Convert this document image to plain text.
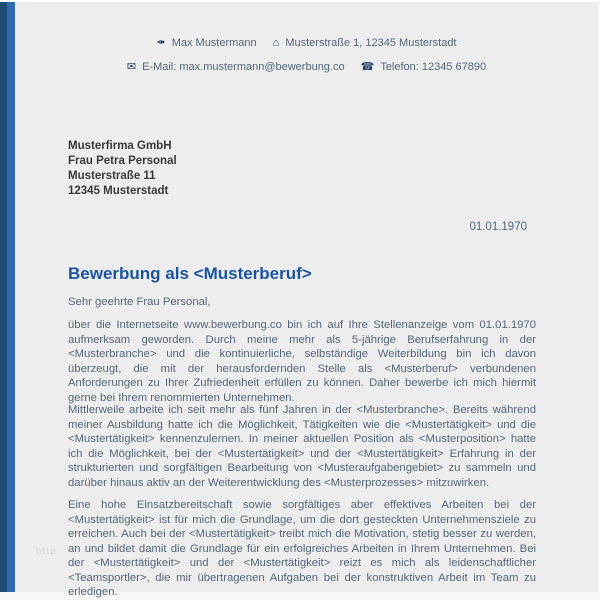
✒ Max Mustermann ⌂ Musterstraße 1, 12345 Musterstadt
✉ E-Mail: max.mustermann@bewerbung.co ☎ Telefon: 12345 67890
Musterfirma GmbH
Frau Petra Personal
Musterstraße 11
12345 Musterstadt
01.01.1970
Bewerbung als <Musterberuf>
Sehr geehrte Frau Personal,
über die Internetseite www.bewerbung.co bin ich auf Ihre Stellenanzeige vom 01.01.1970 aufmerksam geworden. Durch meine mehr als 5-jährige Berufserfahrung in der <Musterbranche> und die kontinuierliche, selbständige Weiterbildung bin ich davon überzeugt, die mit der herausfordernden Stelle als <Musterberuf> verbundenen Anforderungen zu Ihrer Zufriedenheit erfüllen zu können. Daher bewerbe ich mich hiermit gerne bei Ihrem renommierten Unternehmen.
Mittlerweile arbeite ich seit mehr als fünf Jahren in der <Musterbranche>. Bereits während meiner Ausbildung hatte ich die Möglichkeit, Tätigkeiten wie die <Mustertätigkeit> und die <Mustertätigkeit> kennenzulernen. In meiner aktuellen Position als <Musterposition> hatte ich die Möglichkeit, bei der <Mustertätigkeit> und der <Mustertätigkeit> Erfahrung in der strukturierten und sorgfältigen Bearbeitung von <Musteraufgabengebiet> zu sammeln und darüber hinaus aktiv an der Weiterentwicklung des <Musterprozesses> mitzuwirken.
Eine hohe Einsatzbereitschaft sowie sorgfältiges aber effektives Arbeiten bei der <Mustertätigkeit> ist für mich die Grundlage, um die dort gesteckten Unternehmensziele zu erreichen. Auch bei der <Mustertätigkeit> treibt mich die Motivation, stetig besser zu werden, an und bildet damit die Grundlage für ein erfolgreiches Arbeiten in Ihrem Unternehmen. Bei der <Mustertätigkeit> und der <Mustertätigkeit> reizt es mich als leidenschaftlicher <Teamsportler>, die mir übertragenen Aufgaben bei der konstruktiven Arbeit im Team zu erledigen.
http
